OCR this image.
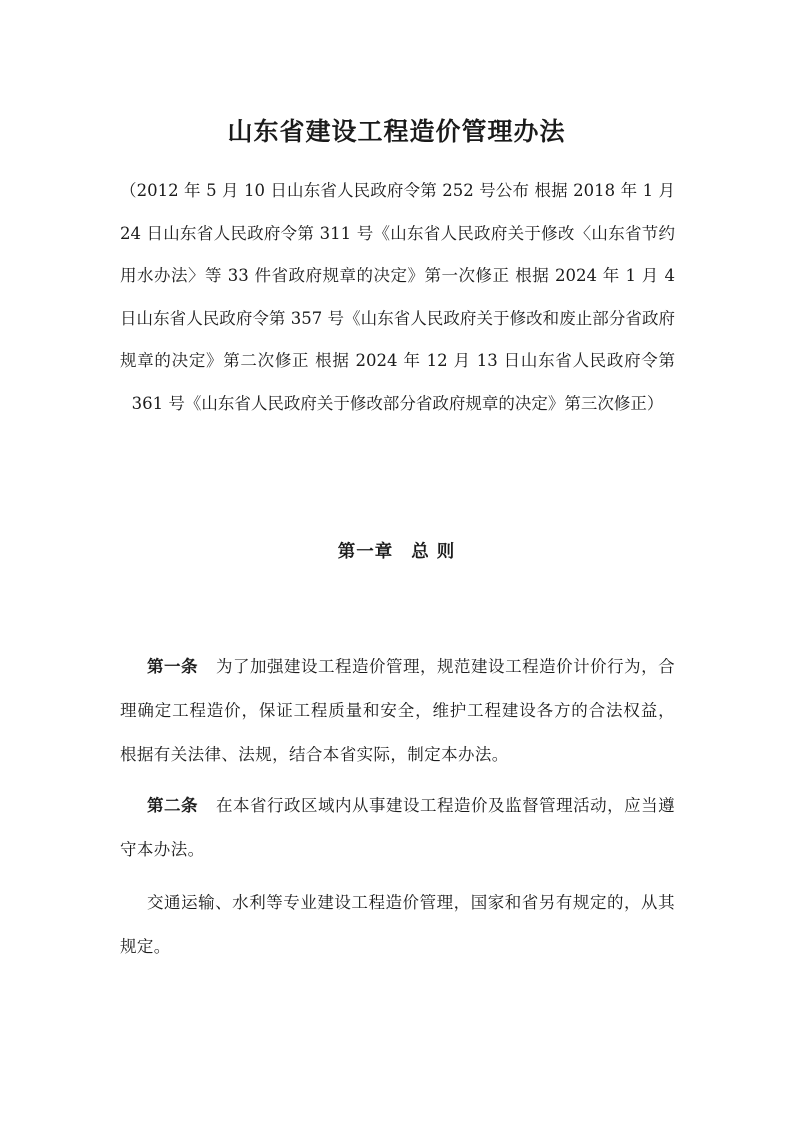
山东省建设工程造价管理办法

（2012 年 5 月 10 日山东省人民政府令第 252 号公布 根据 2018 年 1 月 24 日山东省人民政府令第 311 号《山东省人民政府关于修改〈山东省节约用水办法〉等 33 件省政府规章的决定》第一次修正 根据 2024 年 1 月 4 日山东省人民政府令第 357 号《山东省人民政府关于修改和废止部分省政府规章的决定》第二次修正 根据 2024 年 12 月 13 日山东省人民政府令第 361 号《山东省人民政府关于修改部分省政府规章的决定》第三次修正）

第一章 总 则

第一条 为了加强建设工程造价管理，规范建设工程造价计价行为，合理确定工程造价，保证工程质量和安全，维护工程建设各方的合法权益，根据有关法律、法规，结合本省实际，制定本办法。

第二条 在本省行政区域内从事建设工程造价及监督管理活动，应当遵守本办法。

交通运输、水利等专业建设工程造价管理，国家和省另有规定的，从其规定。
